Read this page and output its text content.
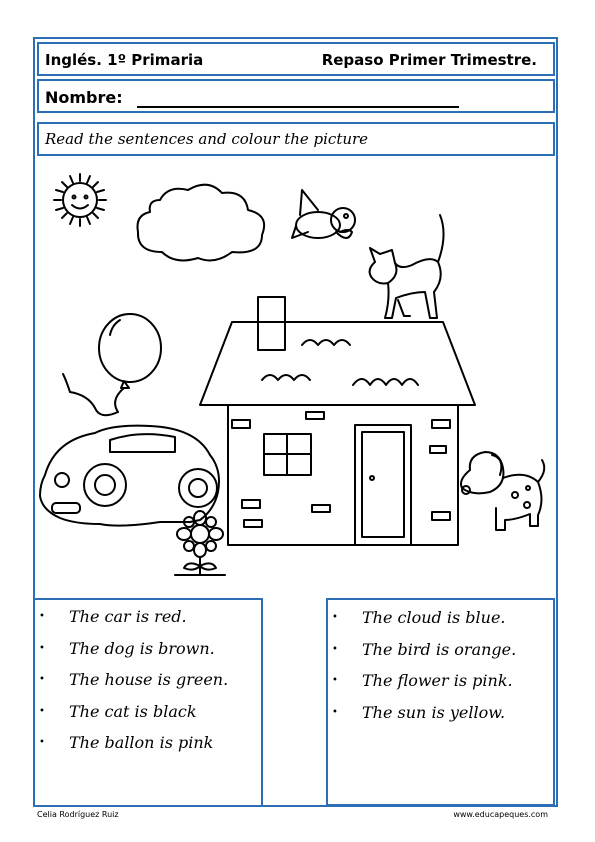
Inglés. 1º Primaria	Repaso Primer Trimestre.
Nombre:
Read the sentences and colour the picture
• The car is red.
• The dog is brown.
• The house is green.
• The cat is black
• The ballon is pink
• The cloud is blue.
• The bird is orange.
• The flower is pink.
• The sun is yellow.
Celia Rodríguez Ruiz	www.educapeques.com
